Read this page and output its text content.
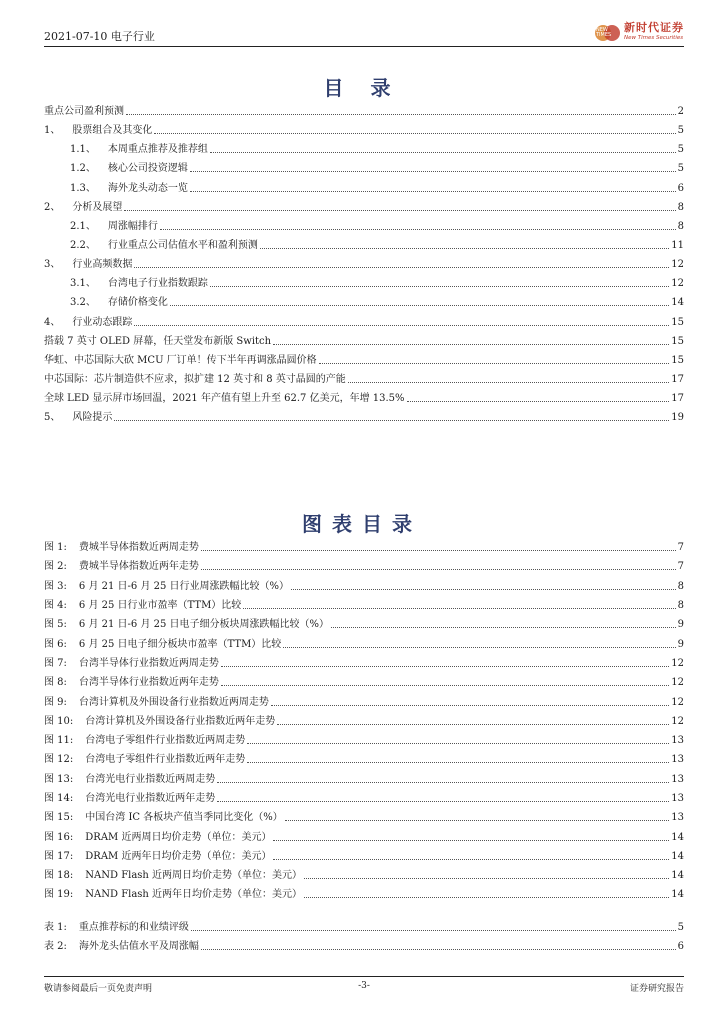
2021-07-10 电子行业	NEW TIMES
新时代证券
New Times Securities
目 录
重点公司盈利预测	2
1、 股票组合及其变化	5
1.1、 本周重点推荐及推荐组	5
1.2、 核心公司投资逻辑	5
1.3、 海外龙头动态一览	6
2、 分析及展望	8
2.1、 周涨幅排行	8
2.2、 行业重点公司估值水平和盈利预测	11
3、 行业高频数据	12
3.1、 台湾电子行业指数跟踪	12
3.2、 存储价格变化	14
4、 行业动态跟踪	15
搭载 7 英寸 OLED 屏幕，任天堂发布新版 Switch	15
华虹、中芯国际大砍 MCU 厂订单！传下半年再调涨晶圆价格	15
中芯国际：芯片制造供不应求，拟扩建 12 英寸和 8 英寸晶圆的产能	17
全球 LED 显示屏市场回温，2021 年产值有望上升至 62.7 亿美元，年增 13.5%	17
5、 风险提示	19
图表目录
图 1: 费城半导体指数近两周走势	7
图 2: 费城半导体指数近两年走势	7
图 3: 6 月 21 日-6 月 25 日行业周涨跌幅比较（%）	8
图 4: 6 月 25 日行业市盈率（TTM）比较	8
图 5: 6 月 21 日-6 月 25 日电子细分板块周涨跌幅比较（%）	9
图 6: 6 月 25 日电子细分板块市盈率（TTM）比较	9
图 7: 台湾半导体行业指数近两周走势	12
图 8: 台湾半导体行业指数近两年走势	12
图 9: 台湾计算机及外围设备行业指数近两周走势	12
图 10: 台湾计算机及外围设备行业指数近两年走势	12
图 11: 台湾电子零组件行业指数近两周走势	13
图 12: 台湾电子零组件行业指数近两年走势	13
图 13: 台湾光电行业指数近两周走势	13
图 14: 台湾光电行业指数近两年走势	13
图 15: 中国台湾 IC 各板块产值当季同比变化（%）	13
图 16: DRAM 近两周日均价走势（单位：美元）	14
图 17: DRAM 近两年日均价走势（单位：美元）	14
图 18: NAND Flash 近两周日均价走势（单位：美元）	14
图 19: NAND Flash 近两年日均价走势（单位：美元）	14
表 1: 重点推荐标的和业绩评级	5
表 2: 海外龙头估值水平及周涨幅	6
敬请参阅最后一页免责声明	-3-	证券研究报告
